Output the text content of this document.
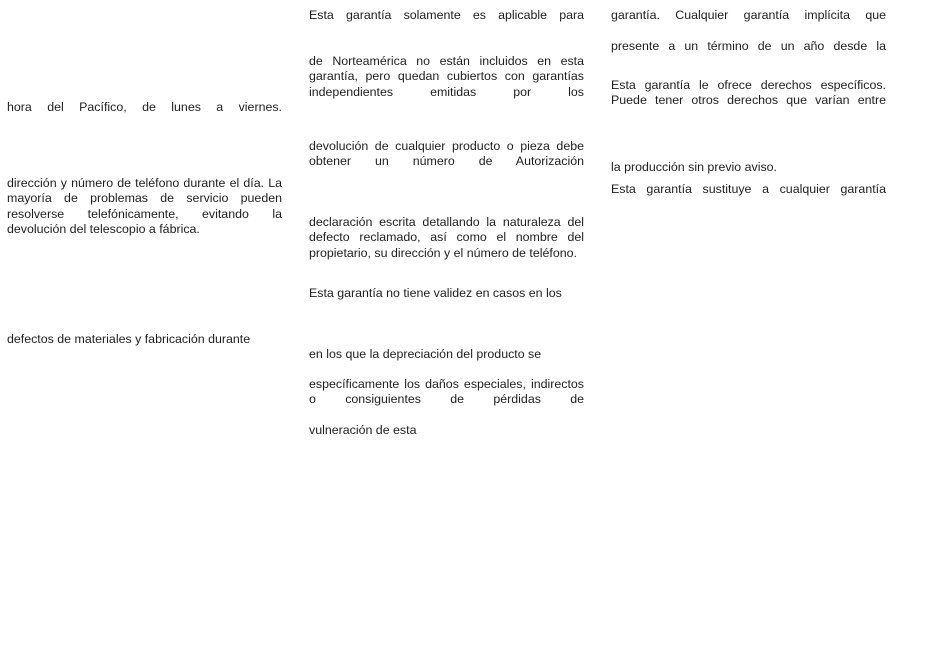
hora del Pacífico, de lunes a viernes.

dirección y número de teléfono durante el día. La mayoría de problemas de servicio pueden resolverse telefónicamente, evitando la devolución del telescopio a fábrica.

defectos de materiales y fabricación durante

Esta garantía solamente es aplicable para

de Norteamérica no están incluidos en esta garantía, pero quedan cubiertos con garantías independientes emitidas por los

devolución de cualquier producto o pieza debe obtener un número de Autorización

declaración escrita detallando la naturaleza del defecto reclamado, así como el nombre del propietario, su dirección y el número de teléfono.

Esta garantía no tiene validez en casos en los

en los que la depreciación del producto se

específicamente los daños especiales, indirectos o consiguientes de pérdidas de

vulneración de esta

garantía. Cualquier garantía implícita que

presente a un término de un año desde la

Esta garantía le ofrece derechos específicos. Puede tener otros derechos que varían entre

la producción sin previo aviso.

Esta garantía sustituye a cualquier garantía
